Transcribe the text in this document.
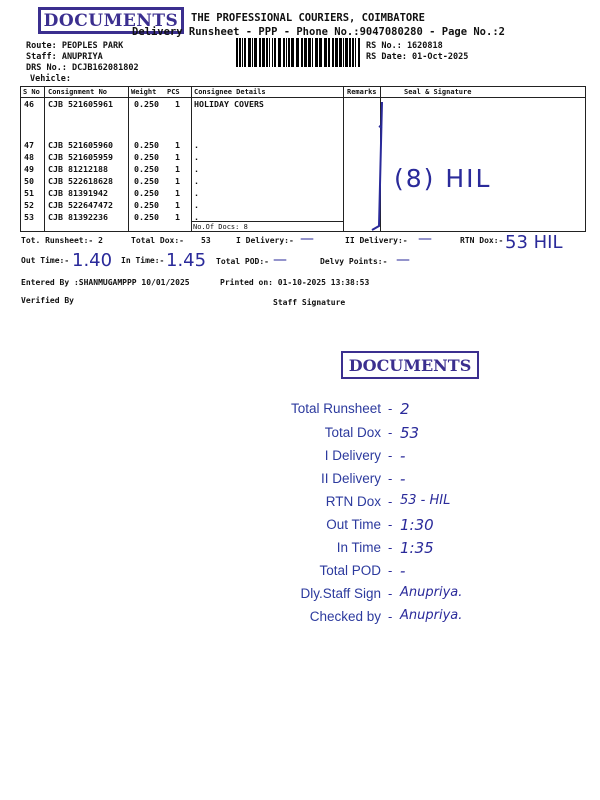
DOCUMENTS	THE PROFESSIONAL COURIERS, COIMBATORE
Delivery Runsheet - PPP - Phone No.:9047080280 - Page No.:2
Route: PEOPLES PARK
Staff: ANUPRIYA
DRS No.: DCJB162081802
Vehicle:
RS No.: 1620818
RS Date: 01-Oct-2025
S No Consignment No	Weight PCS Consignee Details	Remarks	Seal & Signature
46 CJB 521605961	0.250 1 HOLIDAY COVERS
47 CJB 521605960	0.250 1 .
48 CJB 521605959	0.250 1 .
49 CJB 81212188	0.250 1 .
50 CJB 522618628	0.250 1 .
51 CJB 81391942	0.250 1 .
52 CJB 522647472	0.250 1 .
53 CJB 81392236	0.250 1 .
No.Of Docs: 8
(8) HIL
Tot. Runsheet:- 2	Total Dox:- 53	I Delivery:- —	II Delivery:- —	RTN Dox:- 53 HIL
Out Time:- 1.40 In Time:- 1.45 Total POD:- —	Delvy Points:- —
Entered By :SHANMUGAMPPP 10/01/2025	Printed on: 01-10-2025 13:38:53
Verified By	Staff Signature
DOCUMENTS
Total Runsheet - 2
Total Dox - 53
I Delivery - -
II Delivery - -
RTN Dox - 53 - HIL
Out Time - 1:30
In Time - 1:35
Total POD - -
Dly.Staff Sign - Anupriya.
Checked by - Anupriya.
